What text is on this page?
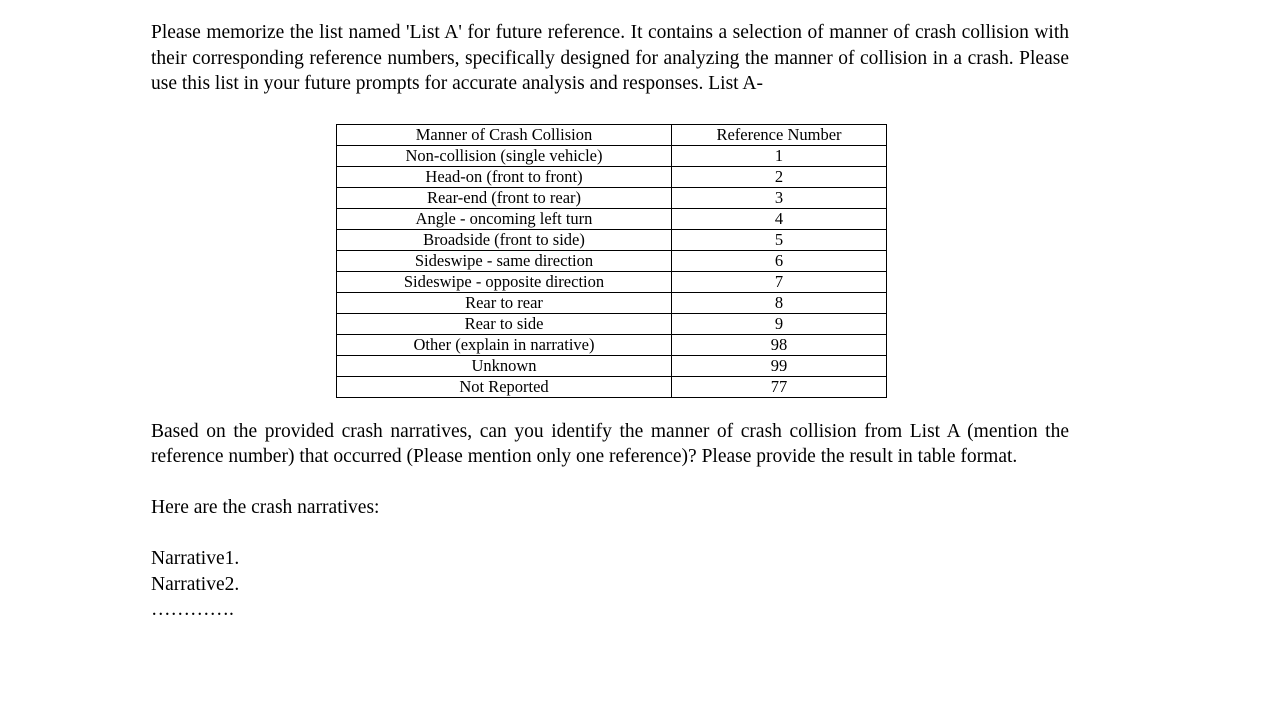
Please memorize the list named 'List A' for future reference. It contains a selection of manner of crash collision with their corresponding reference numbers, specifically designed for analyzing the manner of collision in a crash. Please use this list in your future prompts for accurate analysis and responses. List A-

Manner of Crash Collision	Reference Number
Non-collision (single vehicle)	1
Head-on (front to front)	2
Rear-end (front to rear)	3
Angle - oncoming left turn	4
Broadside (front to side)	5
Sideswipe - same direction	6
Sideswipe - opposite direction	7
Rear to rear	8
Rear to side	9
Other (explain in narrative)	98
Unknown	99
Not Reported	77

Based on the provided crash narratives, can you identify the manner of crash collision from List A (mention the reference number) that occurred (Please mention only one reference)? Please provide the result in table format.

Here are the crash narratives:

Narrative1.

Narrative2.

………….
